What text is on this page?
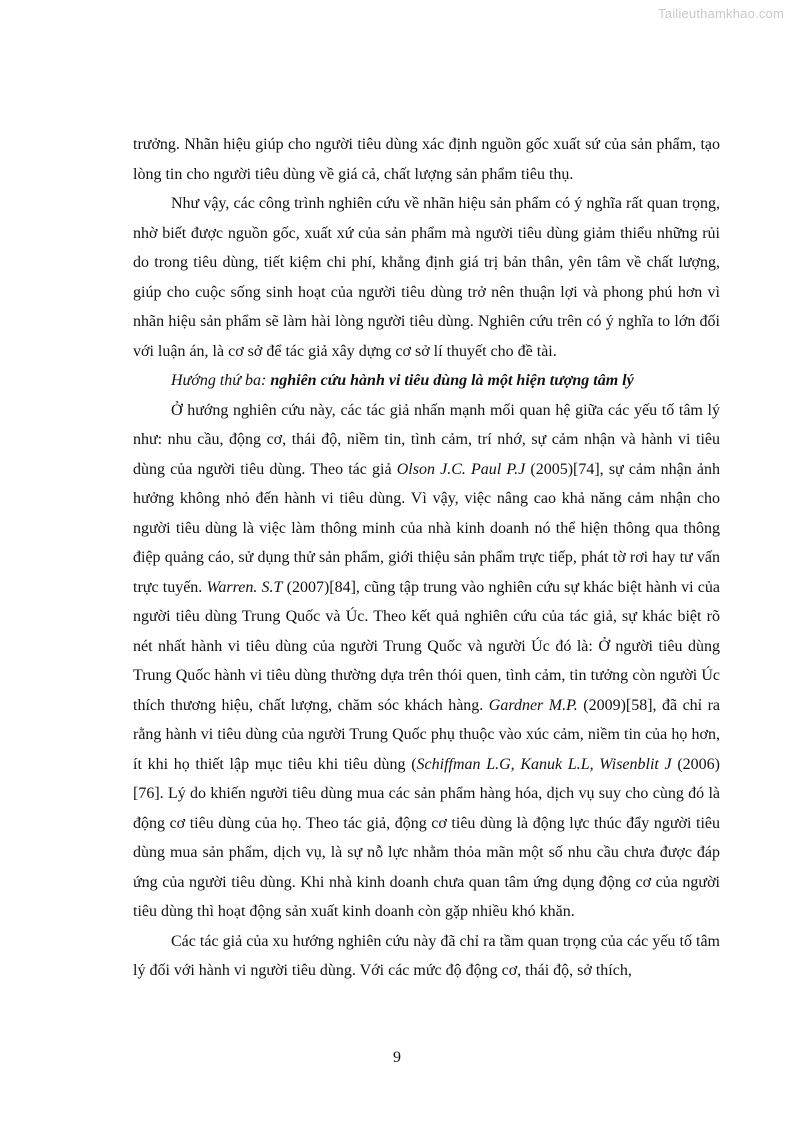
Tailieuthamkhao.com

trưởng. Nhãn hiệu giúp cho người tiêu dùng xác định nguồn gốc xuất sứ của sản phẩm, tạo lòng tin cho người tiêu dùng về giá cả, chất lượng sản phẩm tiêu thụ.

Như vậy, các công trình nghiên cứu về nhãn hiệu sản phẩm có ý nghĩa rất quan trọng, nhờ biết được nguồn gốc, xuất xứ của sản phẩm mà người tiêu dùng giảm thiểu những rủi do trong tiêu dùng, tiết kiệm chi phí, khẳng định giá trị bản thân, yên tâm về chất lượng, giúp cho cuộc sống sinh hoạt của người tiêu dùng trở nên thuận lợi và phong phú hơn vì nhãn hiệu sản phẩm sẽ làm hài lòng người tiêu dùng. Nghiên cứu trên có ý nghĩa to lớn đối với luận án, là cơ sở để tác giả xây dựng cơ sở lí thuyết cho đề tài.

Hướng thứ ba: nghiên cứu hành vi tiêu dùng là một hiện tượng tâm lý

Ở hướng nghiên cứu này, các tác giả nhấn mạnh mối quan hệ giữa các yếu tố tâm lý như: nhu cầu, động cơ, thái độ, niềm tin, tình cảm, trí nhớ, sự cảm nhận và hành vi tiêu dùng của người tiêu dùng. Theo tác giả Olson J.C. Paul P.J (2005)[74], sự cảm nhận ảnh hưởng không nhỏ đến hành vi tiêu dùng. Vì vậy, việc nâng cao khả năng cảm nhận cho người tiêu dùng là việc làm thông minh của nhà kinh doanh nó thể hiện thông qua thông điệp quảng cáo, sử dụng thử sản phẩm, giới thiệu sản phẩm trực tiếp, phát tờ rơi hay tư vấn trực tuyến. Warren. S.T (2007)[84], cũng tập trung vào nghiên cứu sự khác biệt hành vi của người tiêu dùng Trung Quốc và Úc. Theo kết quả nghiên cứu của tác giả, sự khác biệt rõ nét nhất hành vi tiêu dùng của người Trung Quốc và người Úc đó là: Ở người tiêu dùng Trung Quốc hành vi tiêu dùng thường dựa trên thói quen, tình cảm, tin tưởng còn người Úc thích thương hiệu, chất lượng, chăm sóc khách hàng. Gardner M.P. (2009)[58], đã chỉ ra rằng hành vi tiêu dùng của người Trung Quốc phụ thuộc vào xúc cảm, niềm tin của họ hơn, ít khi họ thiết lập mục tiêu khi tiêu dùng (Schiffman L.G, Kanuk L.L, Wisenblit J (2006)[76]. Lý do khiến người tiêu dùng mua các sản phẩm hàng hóa, dịch vụ suy cho cùng đó là động cơ tiêu dùng của họ. Theo tác giả, động cơ tiêu dùng là động lực thúc đẩy người tiêu dùng mua sản phẩm, dịch vụ, là sự nỗ lực nhằm thỏa mãn một số nhu cầu chưa được đáp ứng của người tiêu dùng. Khi nhà kinh doanh chưa quan tâm ứng dụng động cơ của người tiêu dùng thì hoạt động sản xuất kinh doanh còn gặp nhiều khó khăn.

Các tác giả của xu hướng nghiên cứu này đã chỉ ra tầm quan trọng của các yếu tố tâm lý đối với hành vi người tiêu dùng. Với các mức độ động cơ, thái độ, sở thích,

9
